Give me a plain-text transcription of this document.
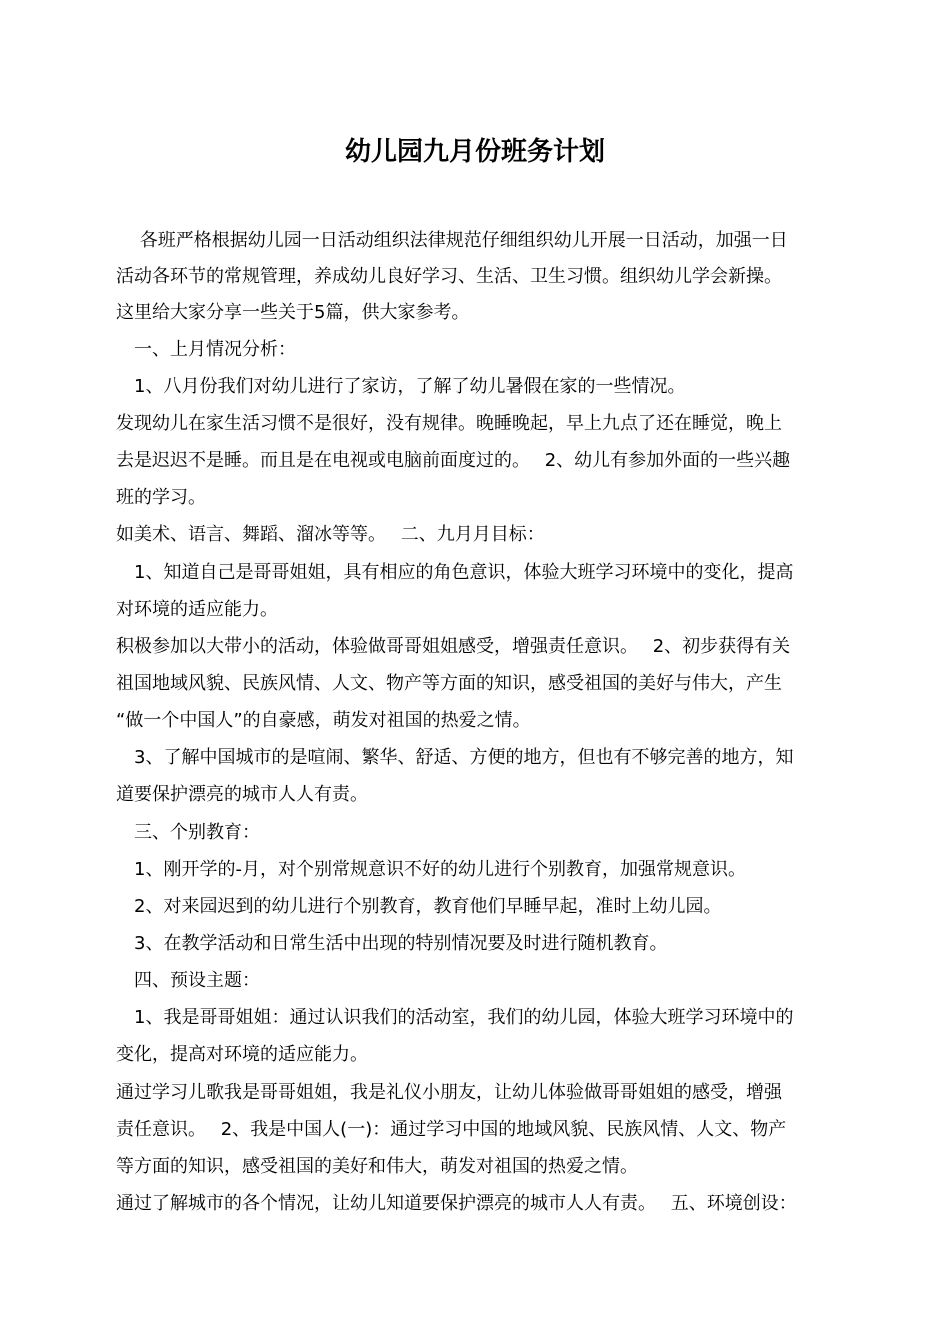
幼儿园九月份班务计划

　 各班严格根据幼儿园一日活动组织法律规范仔细组织幼儿开展一日活动，加强一日

活动各环节的常规管理，养成幼儿良好学习、生活、卫生习惯。组织幼儿学会新操。

这里给大家分享一些关于5篇，供大家参考。

　一、上月情况分析：

　1、八月份我们对幼儿进行了家访，了解了幼儿暑假在家的一些情况。

发现幼儿在家生活习惯不是很好，没有规律。晚睡晚起，早上九点了还在睡觉，晚上

去是迟迟不是睡。而且是在电视或电脑前面度过的。　 2、幼儿有参加外面的一些兴趣

班的学习。

如美术、语言、舞蹈、溜冰等等。　 二、九月月目标：

　1、知道自己是哥哥姐姐，具有相应的角色意识，体验大班学习环境中的变化，提高

对环境的适应能力。

积极参加以大带小的活动，体验做哥哥姐姐感受，增强责任意识。　 2、初步获得有关

祖国地域风貌、民族风情、人文、物产等方面的知识，感受祖国的美好与伟大，产生

“做一个中国人”的自豪感，萌发对祖国的热爱之情。

　3、了解中国城市的是喧闹、繁华、舒适、方便的地方，但也有不够完善的地方，知

道要保护漂亮的城市人人有责。

　三、个别教育：

　1、刚开学的-月，对个别常规意识不好的幼儿进行个别教育，加强常规意识。

　2、对来园迟到的幼儿进行个别教育，教育他们早睡早起，准时上幼儿园。

　3、在教学活动和日常生活中出现的特别情况要及时进行随机教育。

　四、预设主题：

　1、我是哥哥姐姐：通过认识我们的活动室，我们的幼儿园，体验大班学习环境中的

变化，提高对环境的适应能力。

通过学习儿歌我是哥哥姐姐，我是礼仪小朋友，让幼儿体验做哥哥姐姐的感受，增强

责任意识。　 2、我是中国人(一)：通过学习中国的地域风貌、民族风情、人文、物产

等方面的知识，感受祖国的美好和伟大，萌发对祖国的热爱之情。

通过了解城市的各个情况，让幼儿知道要保护漂亮的城市人人有责。　 五、环境创设：
